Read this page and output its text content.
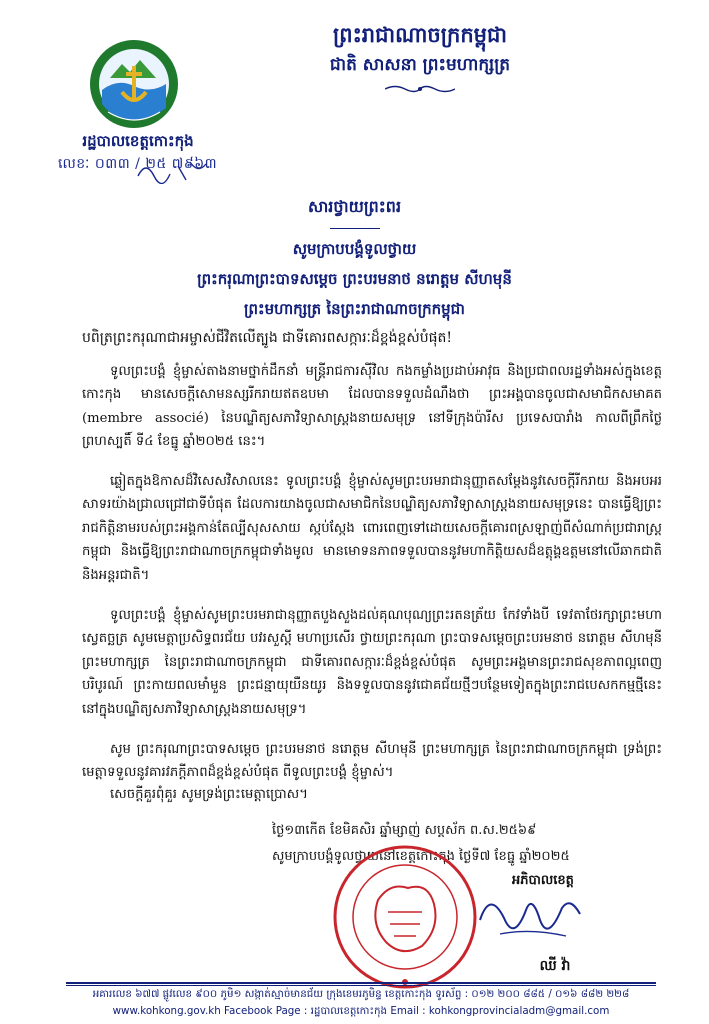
ព្រះរាជាណាចក្រកម្ពុជា
ជាតិ សាសនា ព្រះមហាក្សត្រ
រដ្ឋបាលខេត្តកោះកុង
លេខៈ ០៣៣ / ២៥ ៧៩៦៣
សារថ្វាយព្រះពរ
សូមក្រាបបង្គំទូលថ្វាយ
ព្រះករុណាព្រះបាទសម្តេច ព្រះបរមនាថ នរោត្តម សីហមុនី
ព្រះមហាក្សត្រ នៃព្រះរាជាណាចក្រកម្ពុជា
បពិត្រព្រះករុណាជាអម្ចាស់ជីវិតលើត្បូង ជាទីគោរពសក្ការៈដ៏ខ្ពង់ខ្ពស់បំផុត!
ទូលព្រះបង្គំ ខ្ញុំម្ចាស់តាងនាមថ្នាក់ដឹកនាំ មន្ត្រីរាជការស៊ីវិល កងកម្លាំងប្រដាប់អាវុធ និងប្រជាពលរដ្ឋទាំងអស់ក្នុងខេត្តកោះកុង មានសេចក្តីសោមនស្សរីករាយឥតឧបមា ដែលបានទទួលដំណឹងថា ព្រះអង្គបានចូលជាសមាជិកសមាគត (membre associé) នៃបណ្ឌិត្យសភាវិទ្យាសាស្ត្រងនាយសមុទ្រ នៅទីក្រុងប៉ារីស ប្រទេសបារាំង កាលពីព្រឹកថ្ងៃព្រហស្បតិ៍ ទី៤ ខែធ្នូ ឆ្នាំ២០២៥ នេះ។
ឆ្លៀតក្នុងឱកាសដ៏វិសេសវិសាលនេះ ទូលព្រះបង្គំ ខ្ញុំម្ចាស់សូមព្រះបរមរាជានុញ្ញាតសម្តែងនូវសេចក្តីរីករាយ និងអបអរសាទរយ៉ាងជ្រាលជ្រៅជាទីបំផុត ដែលការយាងចូលជាសមាជិកនៃបណ្ឌិត្យសភាវិទ្យាសាស្ត្រងនាយសមុទ្រនេះ បានធ្វើឱ្យព្រះរាជកិត្តិនាមរបស់ព្រះអង្គកាន់តែល្បីសុសសាយ ស្កប់ស្កែង ពោរពេញទៅដោយសេចក្តីគោរពស្រឡាញ់ពីសំណាក់ប្រជារាស្ត្រកម្ពុជា និងធ្វើឱ្យព្រះរាជាណាចក្រកម្ពុជាទាំងមូល មានមោទនភាពទទួលបាននូវមហាកិត្តិយសដ៏ឧត្តុង្គឧត្តមនៅលើឆាកជាតិ និងអន្តរជាតិ។
ទូលព្រះបង្គំ ខ្ញុំម្ចាស់សូមព្រះបរមរាជានុញ្ញាតបួងសួងដល់គុណបុណ្យព្រះរតនត្រ័យ កែវទាំងបី ទេវតាថែរក្សាព្រះមហាស្វេតច្ឆត្រ សូមមេត្តាប្រសិទ្ធពរជ័យ បវរសួស្តី មហាប្រសើរ ថ្វាយព្រះករុណា ព្រះបាទសម្តេចព្រះបរមនាថ នរោត្តម សីហមុនី ព្រះមហាក្សត្រ នៃព្រះរាជាណាចក្រកម្ពុជា ជាទីគោរពសក្ការៈដ៏ខ្ពង់ខ្ពស់បំផុត សូមព្រះអង្គមានព្រះរាជសុខភាពល្អពេញបរិបូរណ៍ ព្រះកាយពលមាំមួន ព្រះជន្មាយុយឺនយូរ និងទទួលបាននូវជោគជ័យថ្មីៗបន្ថែមទៀតក្នុងព្រះរាជបេសកកម្មថ្មីនេះ នៅក្នុងបណ្ឌិត្យសភាវិទ្យាសាស្ត្រងនាយសមុទ្រ។
សូម ព្រះករុណាព្រះបាទសម្តេច ព្រះបរមនាថ នរោត្តម សីហមុនី ព្រះមហាក្សត្រ នៃព្រះរាជាណាចក្រកម្ពុជា ទ្រង់ព្រះមេត្តាទទួលនូវគារវភក្តីភាពដ៏ខ្ពង់ខ្ពស់បំផុត ពីទូលព្រះបង្គំ ខ្ញុំម្ចាស់។
សេចក្តីគួរពុំគួរ សូមទ្រង់ព្រះមេត្តាប្រោស។
ថ្ងៃ១៣កើត ខែមិគសិរ ឆ្នាំម្សាញ់ សប្តស័ក ព.ស.២៥៦៩
សូមក្រាបបង្គំទូលថ្វាយនៅខេត្តកោះកុង ថ្ងៃទី៧ ខែធ្នូ ឆ្នាំ២០២៥
អភិបាលខេត្ត
ឈី វ៉ា
អគារលេខ ៦៧៧ ផ្លូវលេខ ៩០០ ភូមិ១ សង្កាត់ស្មាច់មានជ័យ ក្រុងខេមរភូមិន្ទ ខេត្តកោះកុង ទូរស័ព្ទ : ០១២ ២០០ ៨៨៥ / ០១៦ ៨៨២ ២២៨
www.kohkong.gov.kh Facebook Page : រដ្ឋបាលខេត្តកោះកុង Email : kohkongprovincialadm@gmail.com
